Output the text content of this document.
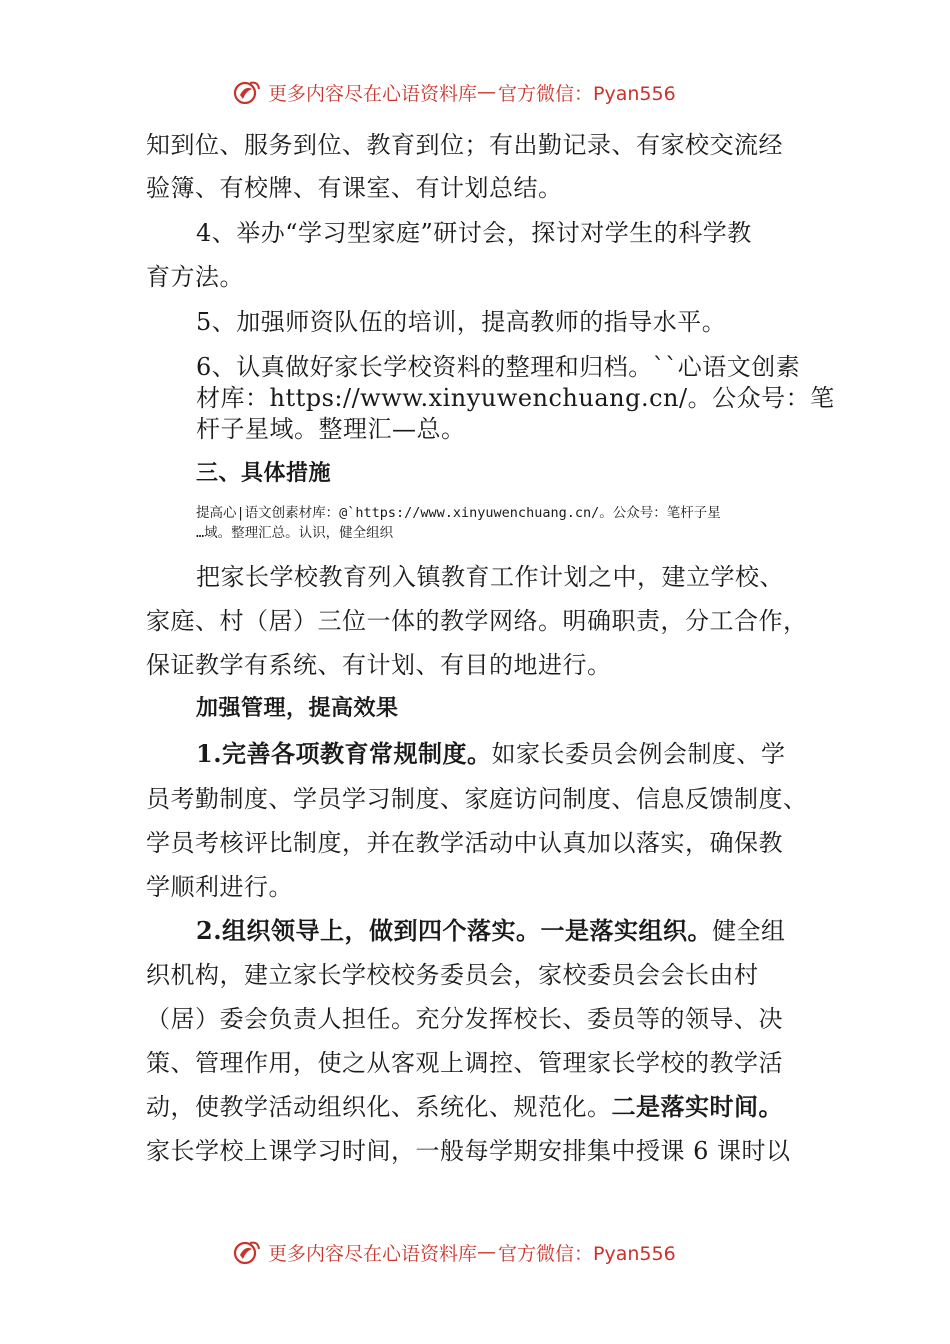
更多内容尽在心语资料库 — 官方微信：Pyan556
知到位、服务到位、教育到位；有出勤记录、有家校交流经
验簿、有校牌、有课室、有计划总结。
4、举办“学习型家庭”研讨会，探讨对学生的科学教
育方法。
5、加强师资队伍的培训，提高教师的指导水平。
6、认真做好家长学校资料的整理和归档。``心语文创素
材库：https://www.xinyuwenchuang.cn/。公众号：笔
杆子星域。整理汇—总。
三、具体措施
提高心|语文创素材库：@`https://www.xinyuwenchuang.cn/。公众号：笔杆子星
…域。整理汇总。认识，健全组织
把家长学校教育列入镇教育工作计划之中，建立学校、
家庭、村（居）三位一体的教学网络。明确职责，分工合作，
保证教学有系统、有计划、有目的地进行。
加强管理，提高效果
1.完善各项教育常规制度。如家长委员会例会制度、学
员考勤制度、学员学习制度、家庭访问制度、信息反馈制度、
学员考核评比制度，并在教学活动中认真加以落实，确保教
学顺利进行。
2.组织领导上，做到四个落实。一是落实组织。健全组
织机构，建立家长学校校务委员会，家校委员会会长由村
（居）委会负责人担任。充分发挥校长、委员等的领导、决
策、管理作用，使之从客观上调控、管理家长学校的教学活
动，使教学活动组织化、系统化、规范化。二是落实时间。
家长学校上课学习时间，一般每学期安排集中授课 6 课时以
更多内容尽在心语资料库 — 官方微信：Pyan556
